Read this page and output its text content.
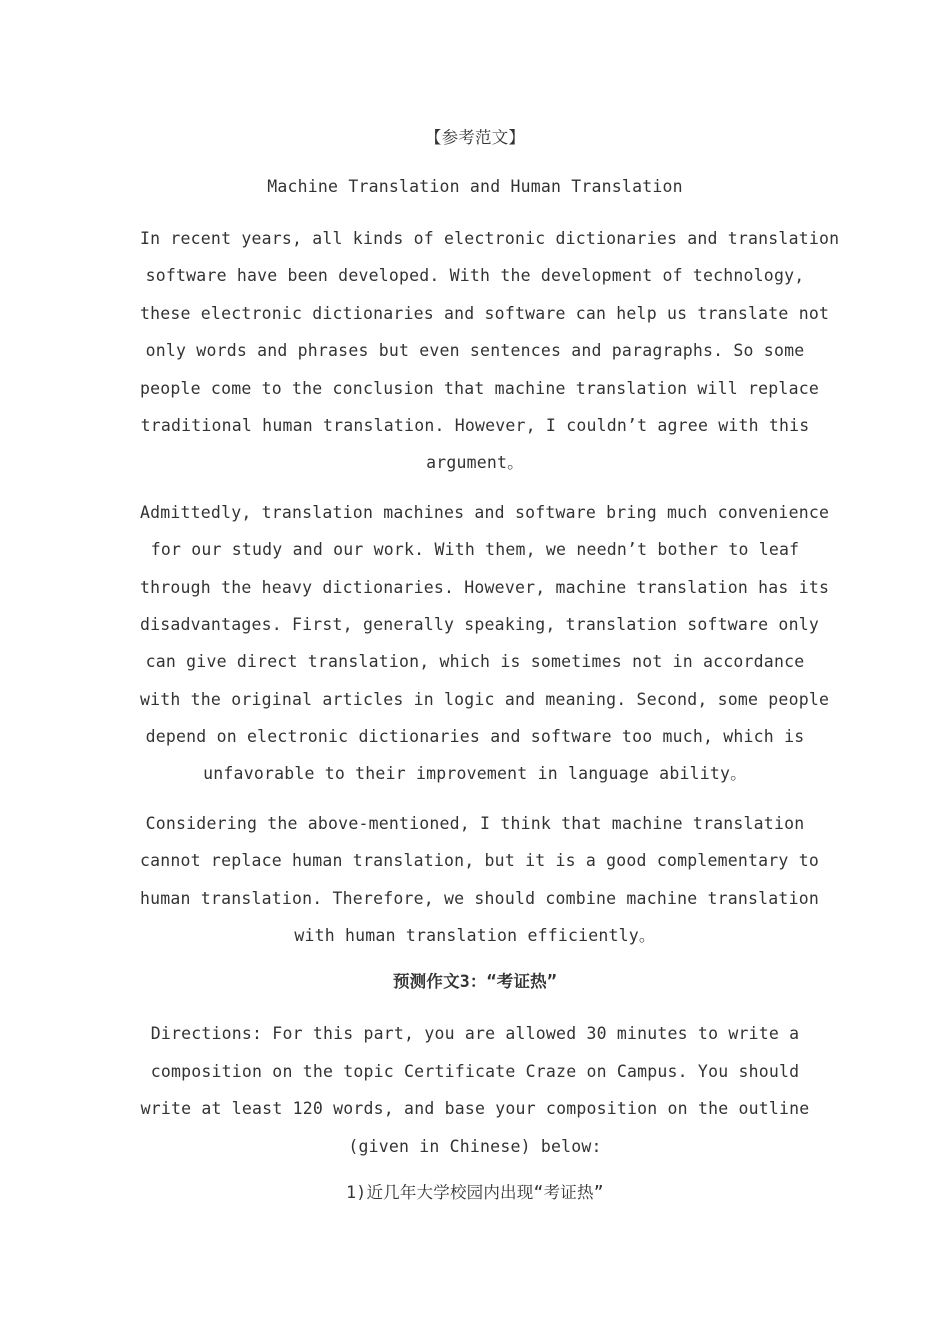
【参考范文】

Machine Translation and Human Translation

In recent years, all kinds of electronic dictionaries and translation

software have been developed. With the development of technology,

these electronic dictionaries and software can help us translate not

only words and phrases but even sentences and paragraphs. So some

people come to the conclusion that machine translation will replace

traditional human translation. However, I couldn’t agree with this

argument。

Admittedly, translation machines and software bring much convenience

for our study and our work. With them, we needn’t bother to leaf

through the heavy dictionaries. However, machine translation has its

disadvantages. First, generally speaking, translation software only

can give direct translation, which is sometimes not in accordance

with the original articles in logic and meaning. Second, some people

depend on electronic dictionaries and software too much, which is

unfavorable to their improvement in language ability。

Considering the above-mentioned, I think that machine translation

cannot replace human translation, but it is a good complementary to

human translation. Therefore, we should combine machine translation

with human translation efficiently。

预测作文3：“考证热”

Directions: For this part, you are allowed 30 minutes to write a

composition on the topic Certificate Craze on Campus. You should

write at least 120 words, and base your composition on the outline

(given in Chinese) below:

1)近几年大学校园内出现“考证热”
